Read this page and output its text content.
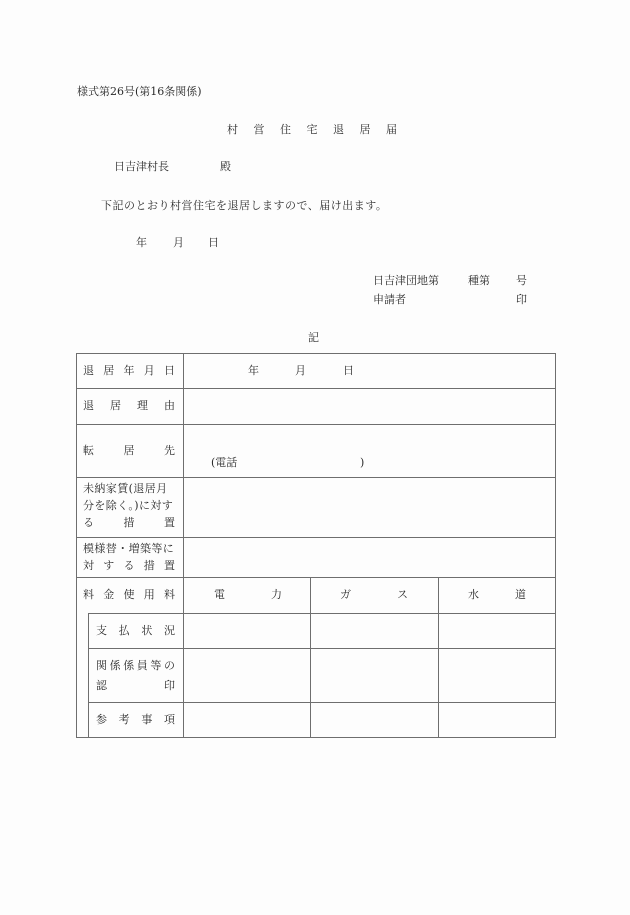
様式第26号(第16条関係)
村 営 住 宅 退 居 届
日吉津村長	殿
下記のとおり村営住宅を退居しますので、届け出ます。
年 月 日
日吉津団地第	種第 号
申請者	印
記
退 居 年 月 日	年	月	日
退 居 理 由
転	居	先
(電話	)
未納家賃(退居月
分を除く。)に対す
る	措	置
模様替・増築等に
対 す る 措 置
料 金 使 用 料	電	力	ガ	ス	水	道
支 払 状 況
関 係 係 員 等 の
認	印
参 考 事 項
